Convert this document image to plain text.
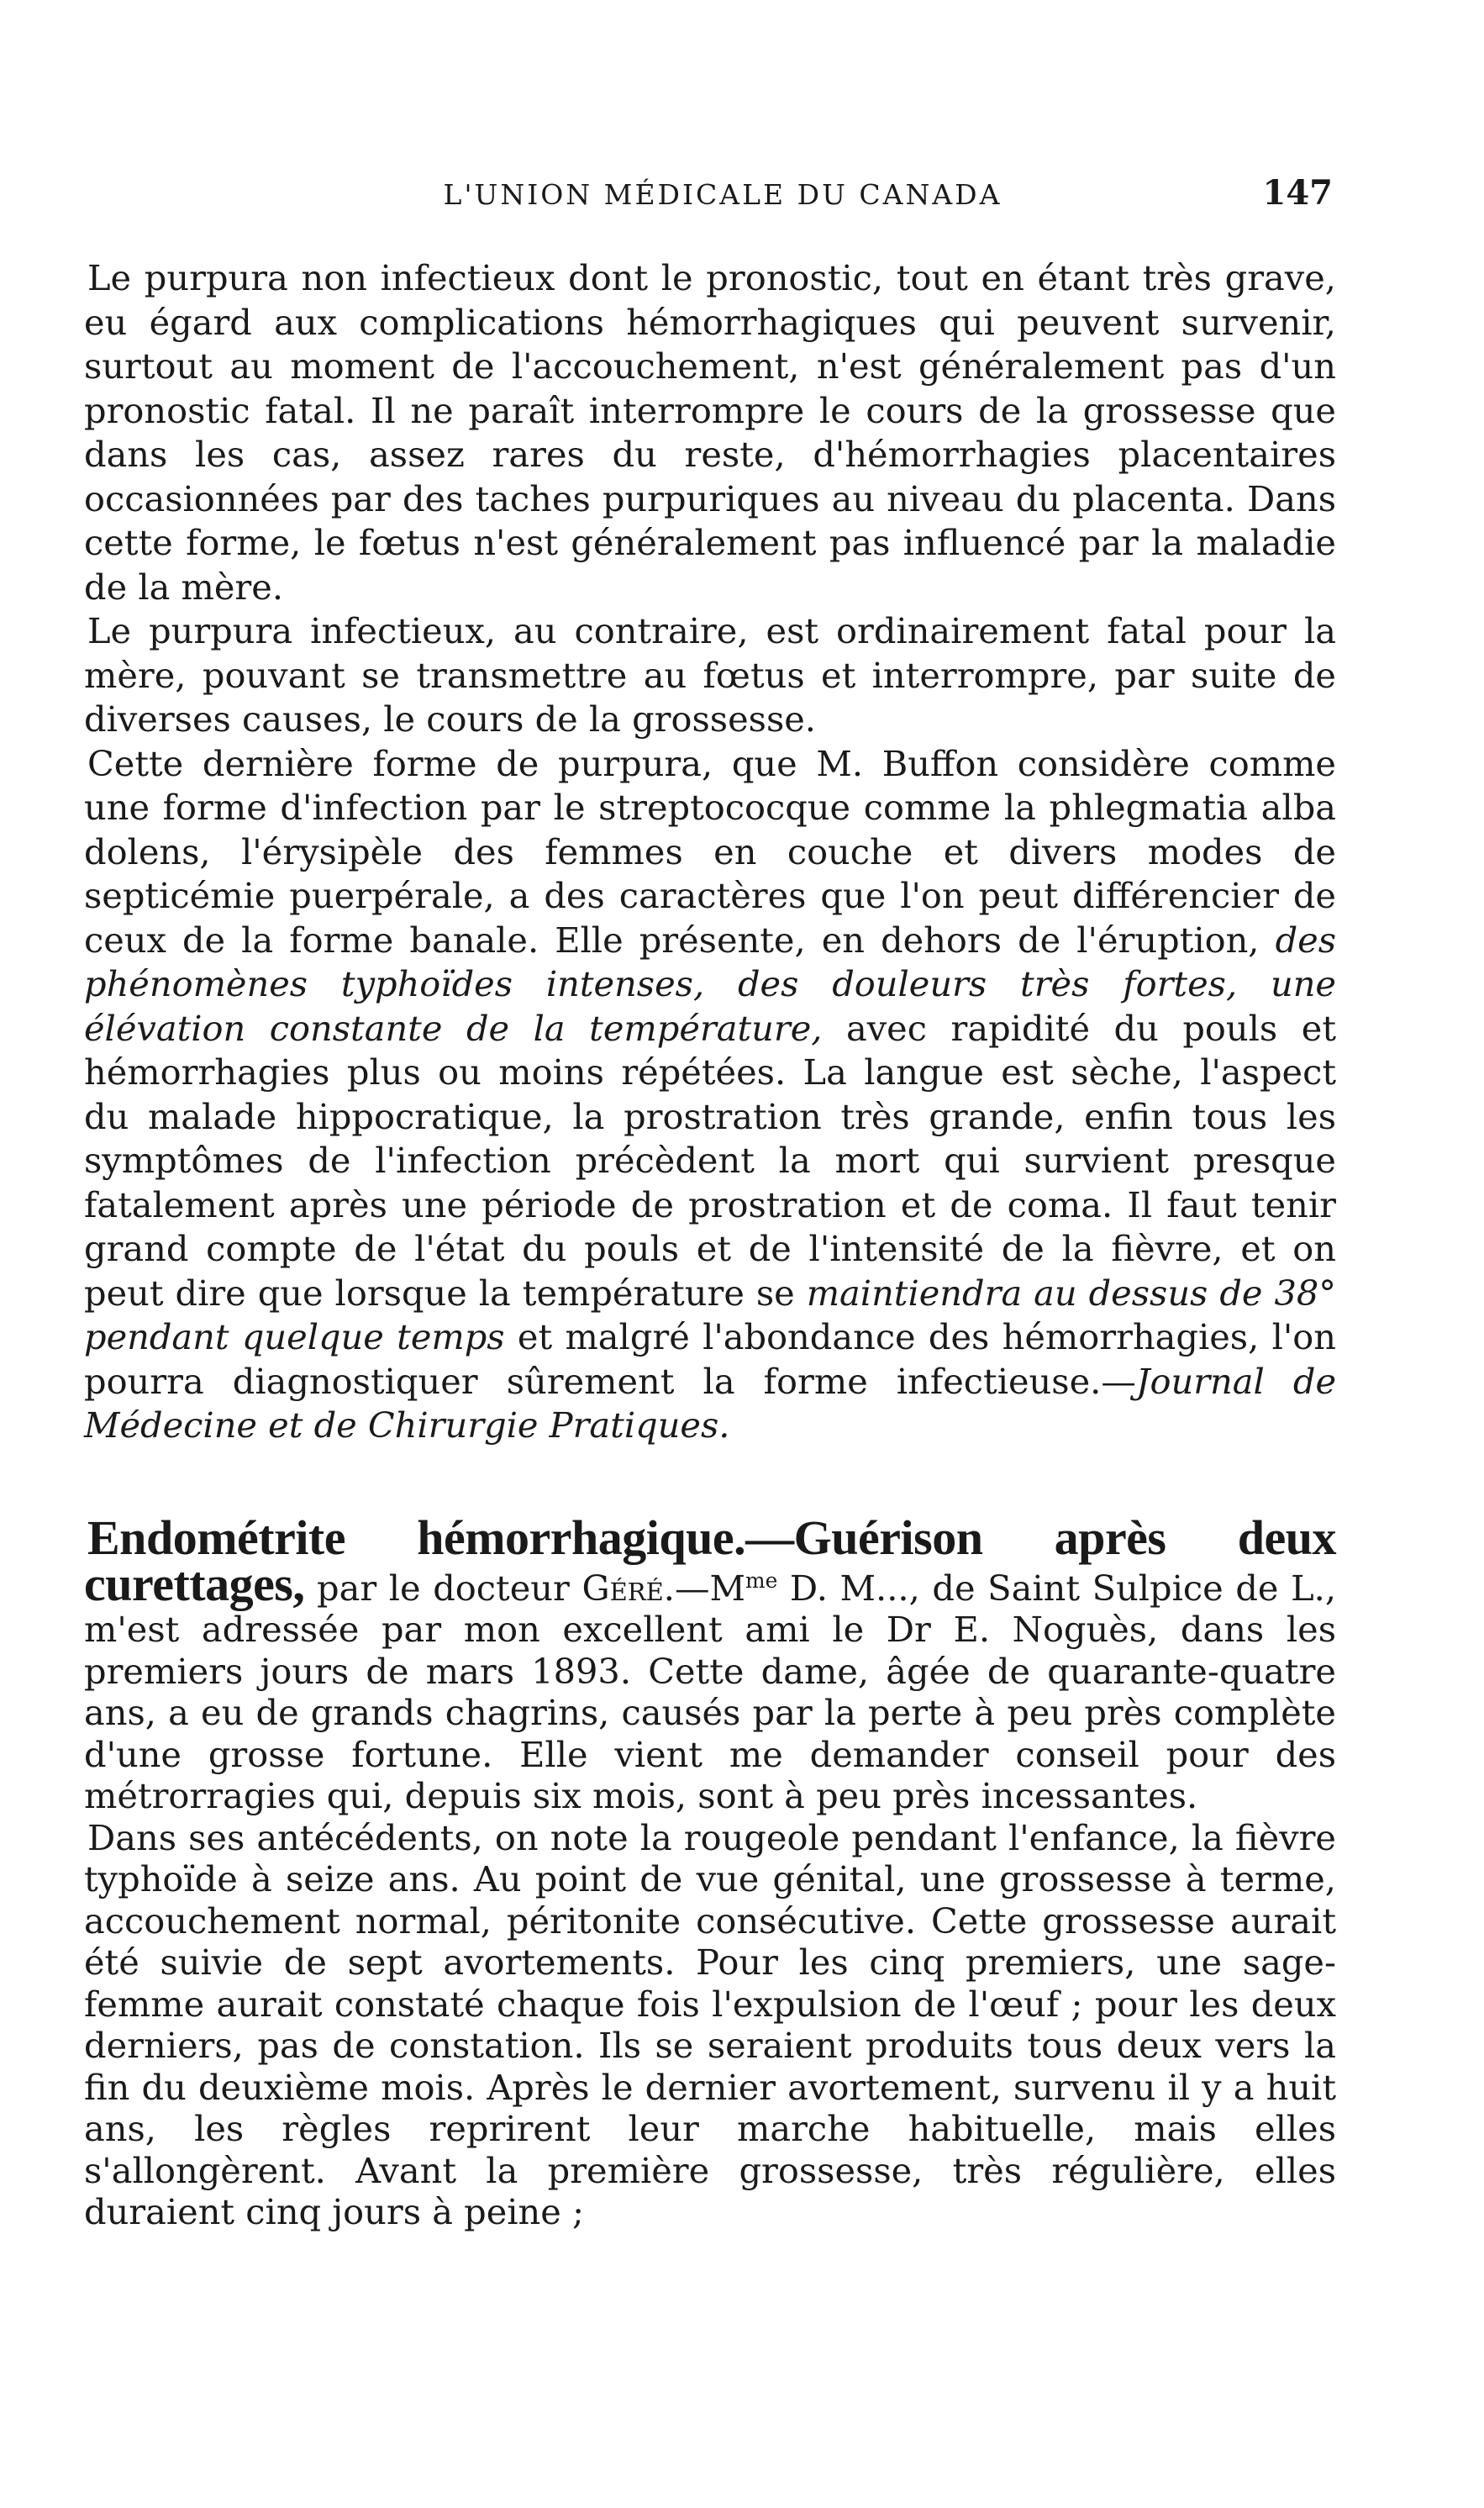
L'UNION MÉDICALE DU CANADA	147

Le purpura non infectieux dont le pronostic, tout en étant très grave, eu égard aux complications hémorrhagiques qui peuvent survenir, surtout au moment de l'accouchement, n'est généralement pas d'un pronostic fatal. Il ne paraît interrompre le cours de la grossesse que dans les cas, assez rares du reste, d'hémorrhagies placentaires occasionnées par des taches purpuriques au niveau du placenta. Dans cette forme, le fœtus n'est généralement pas influencé par la maladie de la mère.

Le purpura infectieux, au contraire, est ordinairement fatal pour la mère, pouvant se transmettre au fœtus et interrompre, par suite de diverses causes, le cours de la grossesse.

Cette dernière forme de purpura, que M. Buffon considère comme une forme d'infection par le streptococque comme la phlegmatia alba dolens, l'érysipèle des femmes en couche et divers modes de septicémie puerpérale, a des caractères que l'on peut différencier de ceux de la forme banale. Elle présente, en dehors de l'éruption, des phénomènes typhoïdes intenses, des douleurs très fortes, une élévation constante de la température, avec rapidité du pouls et hémorrhagies plus ou moins répétées. La langue est sèche, l'aspect du malade hippocratique, la prostration très grande, enfin tous les symptômes de l'infection précèdent la mort qui survient presque fatalement après une période de prostration et de coma. Il faut tenir grand compte de l'état du pouls et de l'intensité de la fièvre, et on peut dire que lorsque la température se maintiendra au dessus de 38° pendant quelque temps et malgré l'abondance des hémorrhagies, l'on pourra diagnostiquer sûrement la forme infectieuse.—Journal de Médecine et de Chirurgie Pratiques.

Endométrite hémorrhagique.—Guérison après deux curettages, par le docteur $Géré.—M^{me}$ D. M..., de Saint Sulpice de L., m'est adressée par mon excellent ami le Dr E. Noguès, dans les premiers jours de mars 1893. Cette dame, âgée de quarante-quatre ans, a eu de grands chagrins, causés par la perte à peu près complète d'une grosse fortune. Elle vient me demander conseil pour des métrorragies qui, depuis six mois, sont à peu près incessantes.

Dans ses antécédents, on note la rougeole pendant l'enfance, la fièvre typhoïde à seize ans. Au point de vue génital, une grossesse à terme, accouchement normal, péritonite consécutive. Cette grossesse aurait été suivie de sept avortements. Pour les cinq premiers, une sage-femme aurait constaté chaque fois l'expulsion de l'œuf ; pour les deux derniers, pas de constation. Ils se seraient produits tous deux vers la fin du deuxième mois. Après le dernier avortement, survenu il y a huit ans, les règles reprirent leur marche habituelle, mais elles s'allongèrent. Avant la première grossesse, très régulière, elles duraient cinq jours à peine ;
